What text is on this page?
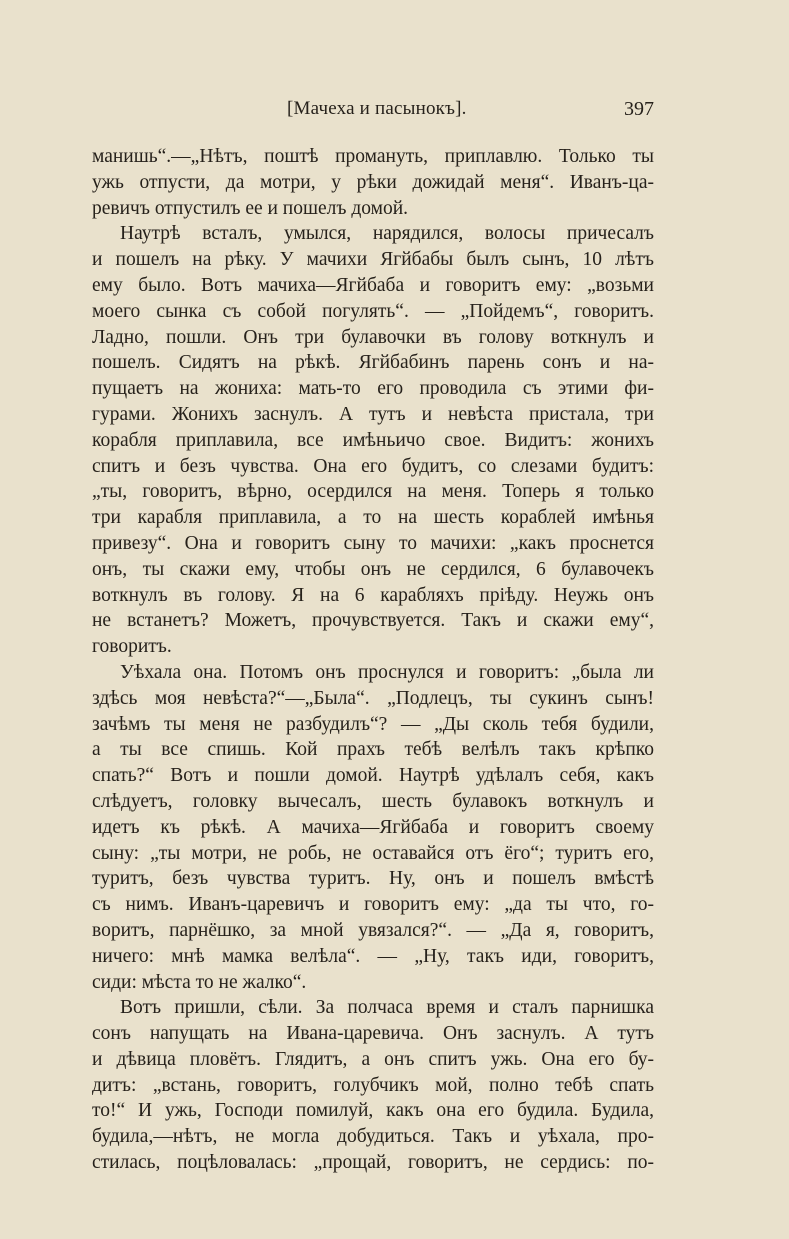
[Мачеха и пасынокъ].	397
манишь“.—„Нѣтъ, поштѣ промануть, приплавлю. Только ты
ужь отпусти, да мотри, у рѣки дожидай меня“. Иванъ-ца-
ревичъ отпустилъ ее и пошелъ домой.
Наутрѣ всталъ, умылся, нарядился, волосы причесалъ
и пошелъ на рѣку. У мачихи Ягйбабы былъ сынъ, 10 лѣтъ
ему было. Вотъ мачиха—Ягйбаба и говоритъ ему: „возьми
моего сынка съ собой погулять“. — „Пойдемъ“, говоритъ.
Ладно, пошли. Онъ три булавочки въ голову воткнулъ и
пошелъ. Сидятъ на рѣкѣ. Ягйбабинъ парень сонъ и на-
пущаетъ на жониха: мать-то его проводила съ этими фи-
гурами. Жонихъ заснулъ. А тутъ и невѣста пристала, три
корабля приплавила, все имѣньичо свое. Видитъ: жонихъ
спитъ и безъ чувства. Она его будитъ, со слезами будитъ:
„ты, говоритъ, вѣрно, осердился на меня. Топерь я только
три карабля приплавила, а то на шесть кораблей имѣнья
привезу“. Она и говоритъ сыну то мачихи: „какъ проснется
онъ, ты скажи ему, чтобы онъ не сердился, 6 булавочекъ
воткнулъ въ голову. Я на 6 карабляхъ прiѣду. Неужь онъ
не встанетъ? Можетъ, прочувствуется. Такъ и скажи ему“,
говоритъ.
Уѣхала она. Потомъ онъ проснулся и говоритъ: „была ли
здѣсь моя невѣста?“—„Была“. „Подлецъ, ты сукинъ сынъ!
зачѣмъ ты меня не разбудилъ“? — „Ды сколь тебя будили,
а ты все спишь. Кой прахъ тебѣ велѣлъ такъ крѣпко
спать?“ Вотъ и пошли домой. Наутрѣ удѣлалъ себя, какъ
слѣдуетъ, головку вычесалъ, шесть булавокъ воткнулъ и
идетъ къ рѣкѣ. А мачиха—Ягйбаба и говоритъ своему
сыну: „ты мотри, не робь, не оставайся отъ ёго“; туритъ его,
туритъ, безъ чувства туритъ. Ну, онъ и пошелъ вмѣстѣ
съ нимъ. Иванъ-царевичъ и говоритъ ему: „да ты что, го-
воритъ, парнёшко, за мной увязался?“. — „Да я, говоритъ,
ничего: мнѣ мамка велѣла“. — „Ну, такъ иди, говоритъ,
сиди: мѣста то не жалко“.
Вотъ пришли, сѣли. За полчаса время и сталъ парнишка
сонъ напущать на Ивана-царевича. Онъ заснулъ. А тутъ
и дѣвица пловётъ. Глядитъ, а онъ спитъ ужь. Она его бу-
дитъ: „встань, говоритъ, голубчикъ мой, полно тебѣ спать
то!“ И ужь, Господи помилуй, какъ она его будила. Будила,
будила,—нѣтъ, не могла добудиться. Такъ и уѣхала, про-
стилась, поцѣловалась: „прощай, говоритъ, не сердись: по-
